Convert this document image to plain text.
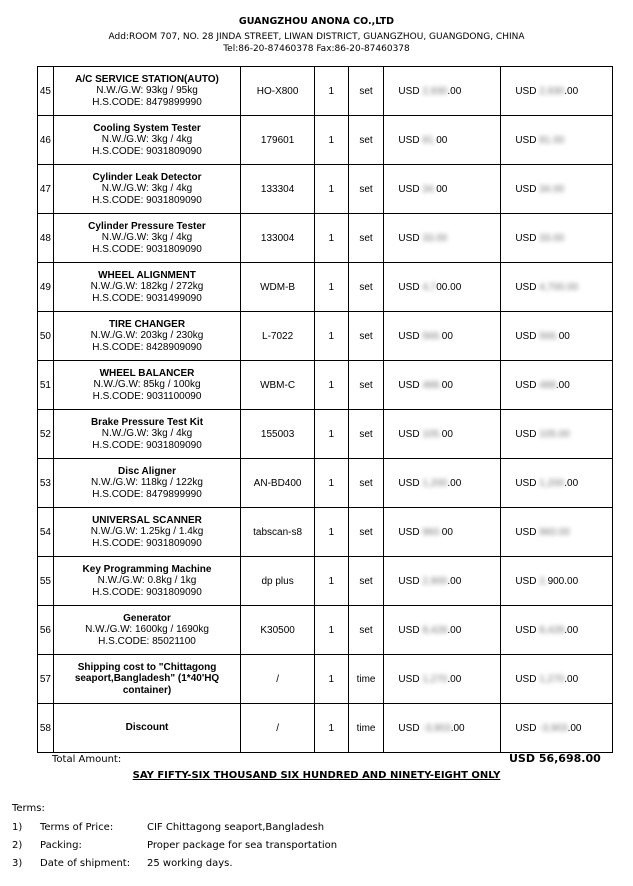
GUANGZHOU ANONA CO.,LTD
Add:ROOM 707, NO. 28 JINDA STREET, LIWAN DISTRICT, GUANGZHOU, GUANGDONG, CHINA
Tel:86-20-87460378 Fax:86-20-87460378
45	A/C SERVICE STATION(AUTO)
N.W./G.W: 93kg / 95kg
H.S.CODE: 8479899990	HO-X800	1	set	USD 2,930.00	USD 2,930.00
46	Cooling System Tester
N.W./G.W: 3kg / 4kg
H.S.CODE: 9031809090	179601	1	set	USD 81.00	USD 81.00
47	Cylinder Leak Detector
N.W./G.W: 3kg / 4kg
H.S.CODE: 9031809090	133304	1	set	USD 34.00	USD 34.00
48	Cylinder Pressure Tester
N.W./G.W: 3kg / 4kg
H.S.CODE: 9031809090	133004	1	set	USD 33.00	USD 33.00
49	WHEEL ALIGNMENT
N.W./G.W: 182kg / 272kg
H.S.CODE: 9031499090	WDM-B	1	set	USD 4,700.00	USD 4,700.00
50	TIRE CHANGER
N.W./G.W: 203kg / 230kg
H.S.CODE: 8428909090	L-7022	1	set	USD 566.00	USD 566.00
51	WHEEL BALANCER
N.W./G.W: 85kg / 100kg
H.S.CODE: 9031100090	WBM-C	1	set	USD 488.00	USD 488.00
52	Brake Pressure Test Kit
N.W./G.W: 3kg / 4kg
H.S.CODE: 9031809090	155003	1	set	USD 105.00	USD 105.00
53	Disc Aligner
N.W./G.W: 118kg / 122kg
H.S.CODE: 8479899990	AN-BD400	1	set	USD 1,200.00	USD 1,200.00
54	UNIVERSAL SCANNER
N.W./G.W: 1.25kg / 1.4kg
H.S.CODE: 9031809090	tabscan-s8	1	set	USD 960.00	USD 960.00
55	Key Programming Machine
N.W./G.W: 0.8kg / 1kg
H.S.CODE: 9031809090	dp plus	1	set	USD 2,900.00	USD 2,900.00
56	Generator
N.W./G.W: 1600kg / 1690kg
H.S.CODE: 85021100	K30500	1	set	USD 8,428.00	USD 8,428.00
57	Shipping cost to "Chittagong seaport,Bangladesh" (1*40'HQ container)	/	1	time	USD 1,270.00	USD 1,270.00
58	Discount	/	1	time	USD -3,903.00	USD -3,903.00
Total Amount:	USD 56,698.00
SAY FIFTY-SIX THOUSAND SIX HUNDRED AND NINETY-EIGHT ONLY
Terms:
1) Terms of Price:	CIF Chittagong seaport,Bangladesh
2) Packing:	Proper package for sea transportation
3) Date of shipment: 25 working days.
